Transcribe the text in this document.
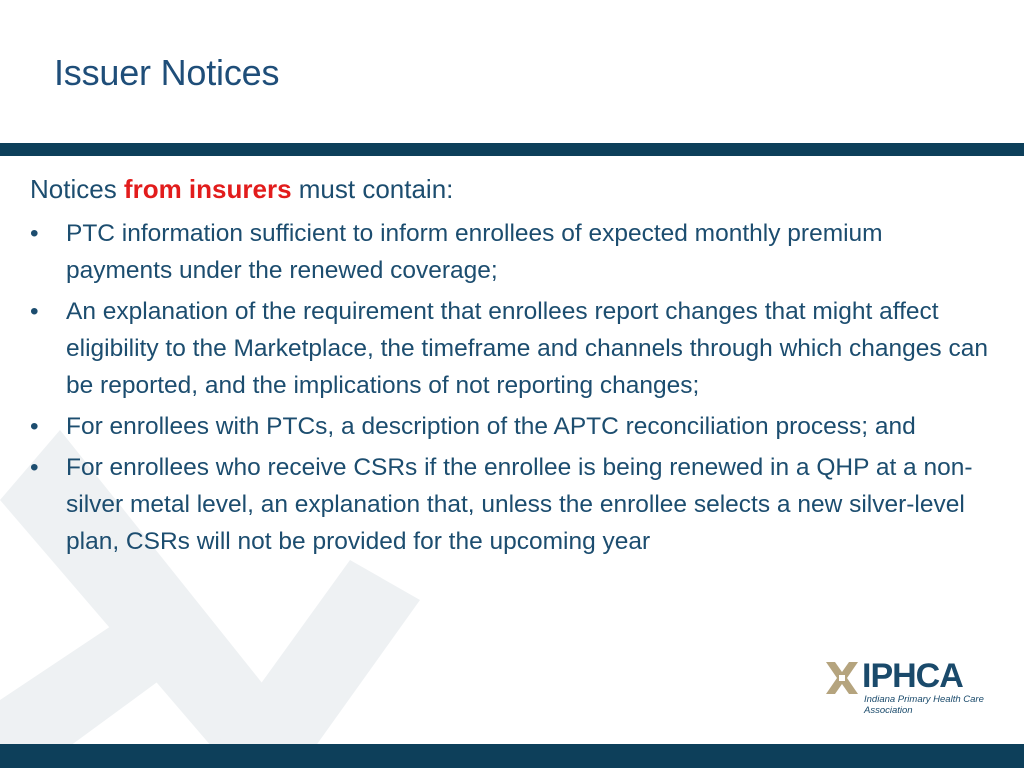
Issuer Notices
Notices from insurers must contain:
•	PTC information sufficient to inform enrollees of expected monthly premium payments under the renewed coverage;
•	An explanation of the requirement that enrollees report changes that might affect eligibility to the Marketplace, the timeframe and channels through which changes can be reported, and the implications of not reporting changes;
•	For enrollees with PTCs, a description of the APTC reconciliation process; and
•	For enrollees who receive CSRs if the enrollee is being renewed in a QHP at a non-silver metal level, an explanation that, unless the enrollee selects a new silver-level plan, CSRs will not be provided for the upcoming year
IPHCA
Indiana Primary Health Care
Association
